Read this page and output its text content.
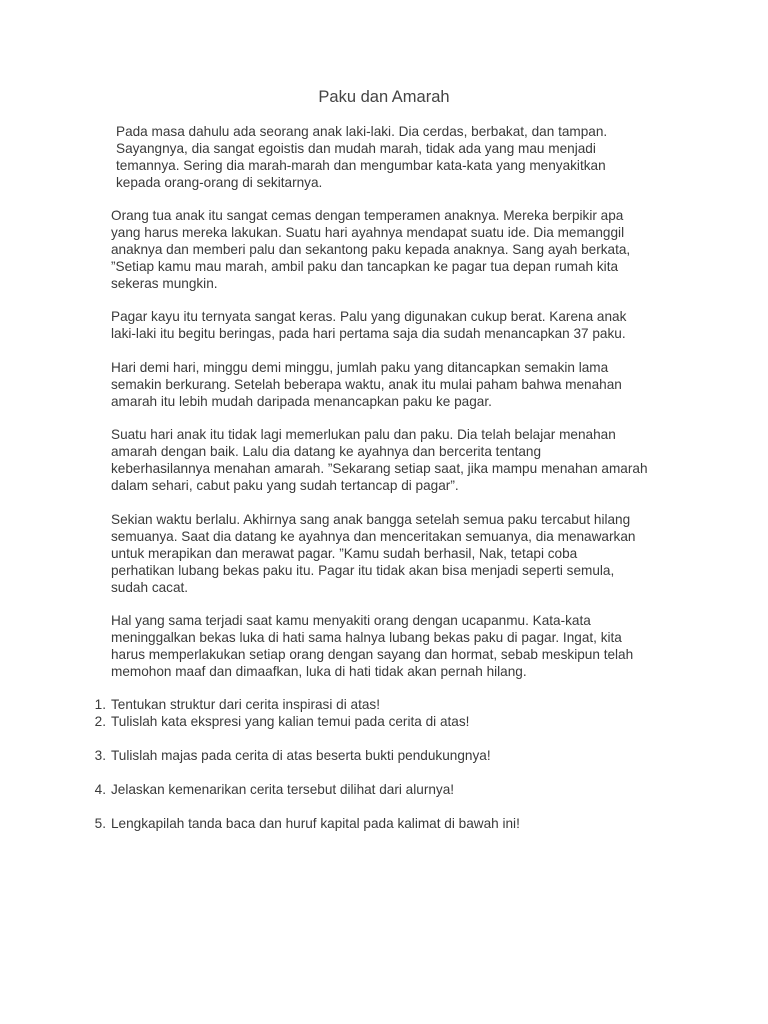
Paku dan Amarah

Pada masa dahulu ada seorang anak laki-laki. Dia cerdas, berbakat, dan tampan.
Sayangnya, dia sangat egoistis dan mudah marah, tidak ada yang mau menjadi
temannya. Sering dia marah-marah dan mengumbar kata-kata yang menyakitkan
kepada orang-orang di sekitarnya.

Orang tua anak itu sangat cemas dengan temperamen anaknya. Mereka berpikir apa
yang harus mereka lakukan. Suatu hari ayahnya mendapat suatu ide. Dia memanggil
anaknya dan memberi palu dan sekantong paku kepada anaknya. Sang ayah berkata,
”Setiap kamu mau marah, ambil paku dan tancapkan ke pagar tua depan rumah kita
sekeras mungkin.

Pagar kayu itu ternyata sangat keras. Palu yang digunakan cukup berat. Karena anak
laki-laki itu begitu beringas, pada hari pertama saja dia sudah menancapkan 37 paku.

Hari demi hari, minggu demi minggu, jumlah paku yang ditancapkan semakin lama
semakin berkurang. Setelah beberapa waktu, anak itu mulai paham bahwa menahan
amarah itu lebih mudah daripada menancapkan paku ke pagar.

Suatu hari anak itu tidak lagi memerlukan palu dan paku. Dia telah belajar menahan
amarah dengan baik. Lalu dia datang ke ayahnya dan bercerita tentang
keberhasilannya menahan amarah. ”Sekarang setiap saat, jika mampu menahan amarah
dalam sehari, cabut paku yang sudah tertancap di pagar”.

Sekian waktu berlalu. Akhirnya sang anak bangga setelah semua paku tercabut hilang
semuanya. Saat dia datang ke ayahnya dan menceritakan semuanya, dia menawarkan
untuk merapikan dan merawat pagar. ”Kamu sudah berhasil, Nak, tetapi coba
perhatikan lubang bekas paku itu. Pagar itu tidak akan bisa menjadi seperti semula,
sudah cacat.

Hal yang sama terjadi saat kamu menyakiti orang dengan ucapanmu. Kata-kata
meninggalkan bekas luka di hati sama halnya lubang bekas paku di pagar. Ingat, kita
harus memperlakukan setiap orang dengan sayang dan hormat, sebab meskipun telah
memohon maaf dan dimaafkan, luka di hati tidak akan pernah hilang.

1. Tentukan struktur dari cerita inspirasi di atas!
2. Tulislah kata ekspresi yang kalian temui pada cerita di atas!
3. Tulislah majas pada cerita di atas beserta bukti pendukungnya!
4. Jelaskan kemenarikan cerita tersebut dilihat dari alurnya!
5. Lengkapilah tanda baca dan huruf kapital pada kalimat di bawah ini!
